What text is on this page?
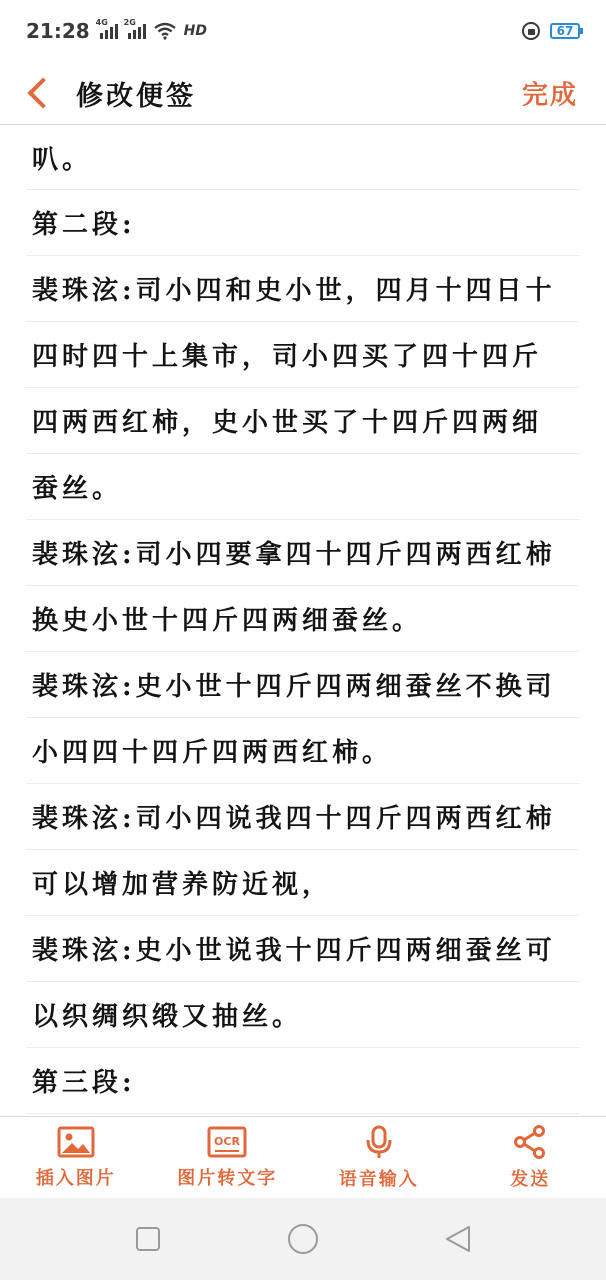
21:28 4G 2G
HD	67
修改便签	完成
叭。
第二段:
裴珠泫:司小四和史小世，四月十四日十
四时四十上集市，司小四买了四十四斤
四两西红柿，史小世买了十四斤四两细
蚕丝。
裴珠泫:司小四要拿四十四斤四两西红柿
换史小世十四斤四两细蚕丝。
裴珠泫:史小世十四斤四两细蚕丝不换司
小四四十四斤四两西红柿。
裴珠泫:司小四说我四十四斤四两西红柿
可以增加营养防近视，
裴珠泫:史小世说我十四斤四两细蚕丝可
以织绸织缎又抽丝。
第三段:
插入图片
OCR
图片转文字	语音输入	发送
